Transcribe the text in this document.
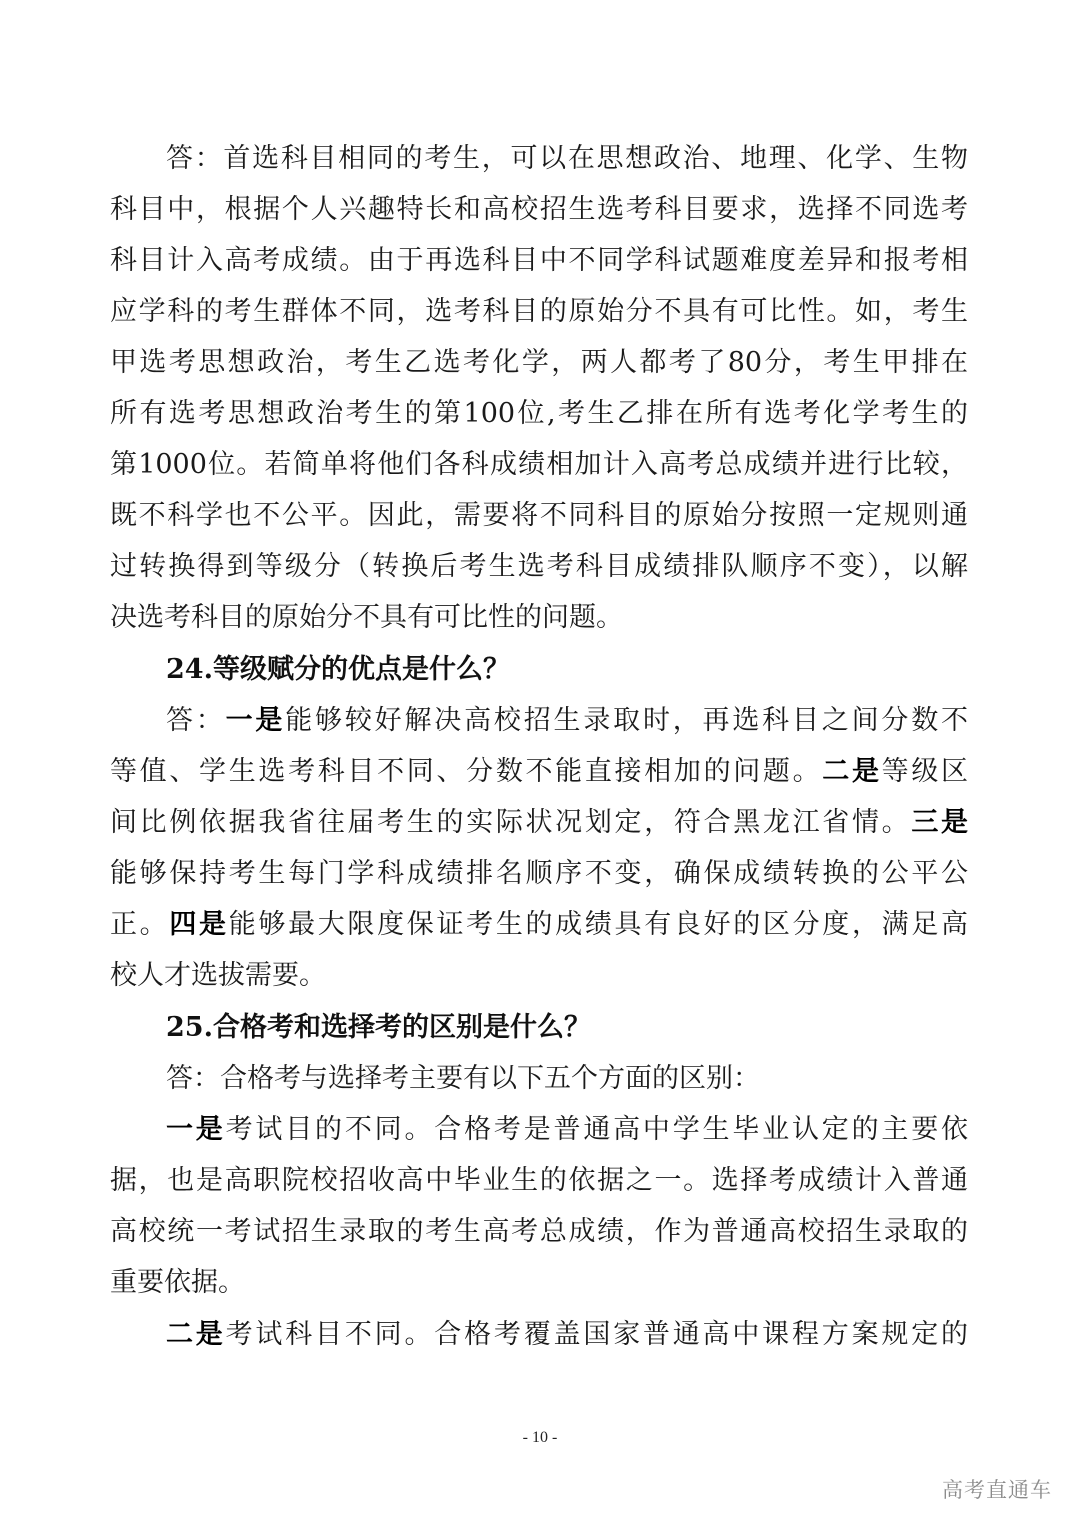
答：首选科目相同的考生，可以在思想政治、地理、化学、生物
科目中，根据个人兴趣特长和高校招生选考科目要求，选择不同选考
科目计入高考成绩。由于再选科目中不同学科试题难度差异和报考相
应学科的考生群体不同，选考科目的原始分不具有可比性。如，考生
甲选考思想政治，考生乙选考化学，两人都考了80分，考生甲排在
所有选考思想政治考生的第100位,考生乙排在所有选考化学考生的
第1000位。若简单将他们各科成绩相加计入高考总成绩并进行比较，
既不科学也不公平。因此，需要将不同科目的原始分按照一定规则通
过转换得到等级分（转换后考生选考科目成绩排队顺序不变），以解
决选考科目的原始分不具有可比性的问题。
24.等级赋分的优点是什么？
答：一是能够较好解决高校招生录取时，再选科目之间分数不
等值、学生选考科目不同、分数不能直接相加的问题。二是等级区
间比例依据我省往届考生的实际状况划定，符合黑龙江省情。三是
能够保持考生每门学科成绩排名顺序不变，确保成绩转换的公平公
正。四是能够最大限度保证考生的成绩具有良好的区分度，满足高
校人才选拔需要。
25.合格考和选择考的区别是什么？
答：合格考与选择考主要有以下五个方面的区别：
一是考试目的不同。合格考是普通高中学生毕业认定的主要依
据，也是高职院校招收高中毕业生的依据之一。选择考成绩计入普通
高校统一考试招生录取的考生高考总成绩，作为普通高校招生录取的
重要依据。
二是考试科目不同。合格考覆盖国家普通高中课程方案规定的
- 10 -
高考直通车
